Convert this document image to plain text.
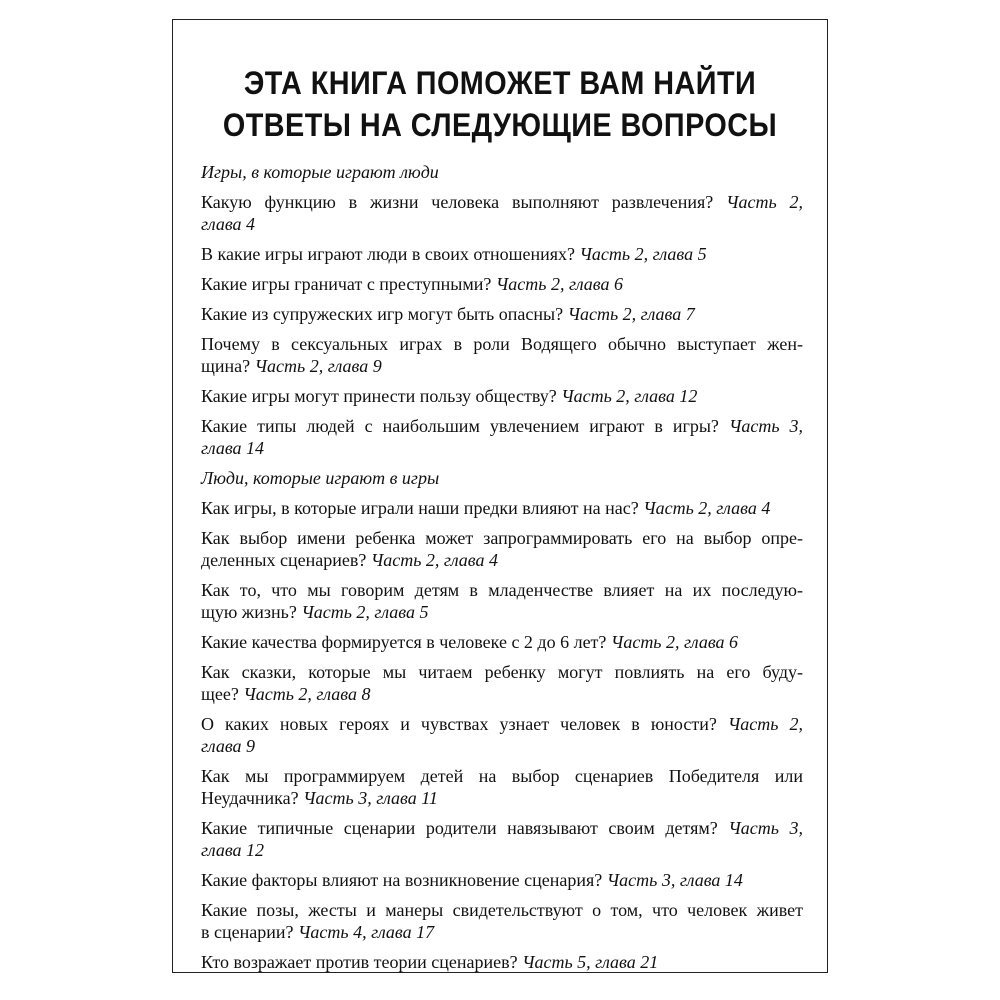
ЭТА КНИГА ПОМОЖЕТ ВАМ НАЙТИ
ОТВЕТЫ НА СЛЕДУЮЩИЕ ВОПРОСЫ
Игры, в которые играют люди
Какую функцию в жизни человека выполняют развлечения? Часть 2,
глава 4
В какие игры играют люди в своих отношениях? Часть 2, глава 5
Какие игры граничат с преступными? Часть 2, глава 6
Какие из супружеских игр могут быть опасны? Часть 2, глава 7
Почему в сексуальных играх в роли Водящего обычно выступает жен-
щина? Часть 2, глава 9
Какие игры могут принести пользу обществу? Часть 2, глава 12
Какие типы людей с наибольшим увлечением играют в игры? Часть 3,
глава 14
Люди, которые играют в игры
Как игры, в которые играли наши предки влияют на нас? Часть 2, глава 4
Как выбор имени ребенка может запрограммировать его на выбор опре-
деленных сценариев? Часть 2, глава 4
Как то, что мы говорим детям в младенчестве влияет на их последую-
щую жизнь? Часть 2, глава 5
Какие качества формируется в человеке с 2 до 6 лет? Часть 2, глава 6
Как сказки, которые мы читаем ребенку могут повлиять на его буду-
щее? Часть 2, глава 8
О каких новых героях и чувствах узнает человек в юности? Часть 2,
глава 9
Как мы программируем детей на выбор сценариев Победителя или
Неудачника? Часть 3, глава 11
Какие типичные сценарии родители навязывают своим детям? Часть 3,
глава 12
Какие факторы влияют на возникновение сценария? Часть 3, глава 14
Какие позы, жесты и манеры свидетельствуют о том, что человек живет
в сценарии? Часть 4, глава 17
Кто возражает против теории сценариев? Часть 5, глава 21
